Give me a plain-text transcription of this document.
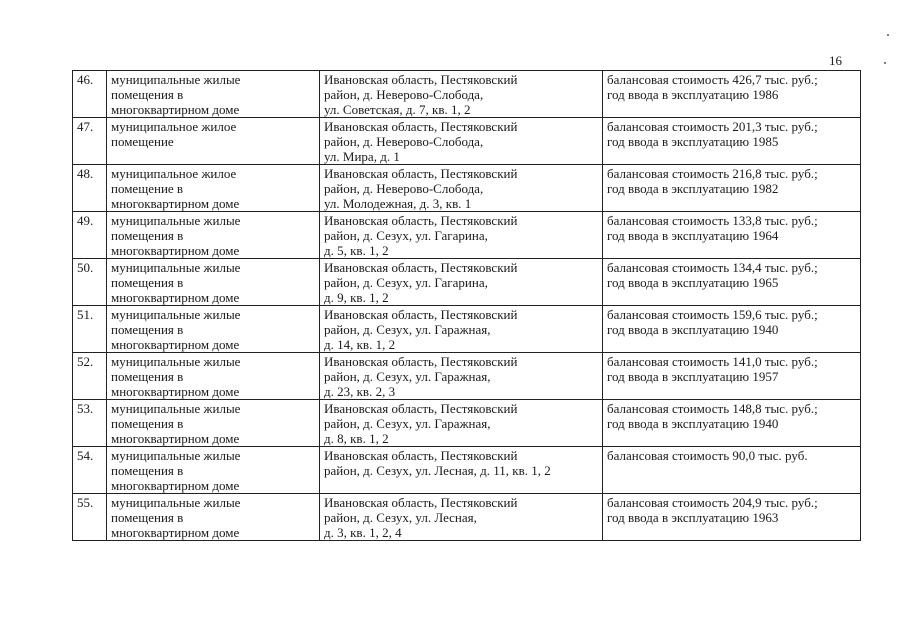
16
46.	муниципальные жилые
помещения в
многоквартирном доме	Ивановская область, Пестяковский
район, д. Неверово-Слобода,
ул. Советская, д. 7, кв. 1, 2	балансовая стоимость 426,7 тыс. руб.;
год ввода в эксплуатацию 1986

47.	муниципальное жилое
помещение	Ивановская область, Пестяковский
район, д. Неверово-Слобода,
ул. Мира, д. 1	балансовая стоимость 201,3 тыс. руб.;
год ввода в эксплуатацию 1985

48.	муниципальное жилое
помещение в
многоквартирном доме	Ивановская область, Пестяковский
район, д. Неверово-Слобода,
ул. Молодежная, д. 3, кв. 1	балансовая стоимость 216,8 тыс. руб.;
год ввода в эксплуатацию 1982

49.	муниципальные жилые
помещения в
многоквартирном доме	Ивановская область, Пестяковский
район, д. Сезух, ул. Гагарина,
д. 5, кв. 1, 2	балансовая стоимость 133,8 тыс. руб.;
год ввода в эксплуатацию 1964

50.	муниципальные жилые
помещения в
многоквартирном доме	Ивановская область, Пестяковский
район, д. Сезух, ул. Гагарина,
д. 9, кв. 1, 2	балансовая стоимость 134,4 тыс. руб.;
год ввода в эксплуатацию 1965

51.	муниципальные жилые
помещения в
многоквартирном доме	Ивановская область, Пестяковский
район, д. Сезух, ул. Гаражная,
д. 14, кв. 1, 2	балансовая стоимость 159,6 тыс. руб.;
год ввода в эксплуатацию 1940

52.	муниципальные жилые
помещения в
многоквартирном доме	Ивановская область, Пестяковский
район, д. Сезух, ул. Гаражная,
д. 23, кв. 2, 3	балансовая стоимость 141,0 тыс. руб.;
год ввода в эксплуатацию 1957

53.	муниципальные жилые
помещения в
многоквартирном доме	Ивановская область, Пестяковский
район, д. Сезух, ул. Гаражная,
д. 8, кв. 1, 2	балансовая стоимость 148,8 тыс. руб.;
год ввода в эксплуатацию 1940

54.	муниципальные жилые
помещения в
многоквартирном доме	Ивановская область, Пестяковский
район, д. Сезух, ул. Лесная, д. 11, кв. 1, 2	балансовая стоимость 90,0 тыс. руб.

55.	муниципальные жилые
помещения в
многоквартирном доме	Ивановская область, Пестяковский
район, д. Сезух, ул. Лесная,
д. 3, кв. 1, 2, 4	балансовая стоимость 204,9 тыс. руб.;
год ввода в эксплуатацию 1963
